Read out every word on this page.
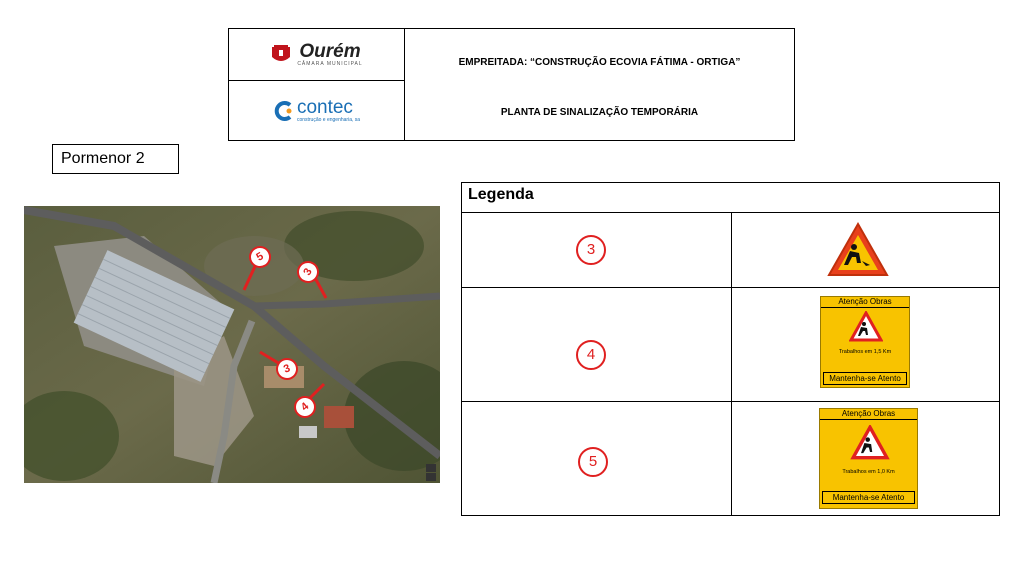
Ourém
CÂMARA MUNICIPAL
contec
construção e engenharia, sa
EMPREITADA: “CONSTRUÇÃO ECOVIA FÁTIMA - ORTIGA”
PLANTA DE SINALIZAÇÃO TEMPORÁRIA
Pormenor 2
5
3
3
4
Legenda
3
4
Atenção Obras
Trabalhos em 1,5 Km
Mantenha-se Atento
5
Atenção Obras
Trabalhos em 1,0 Km
Mantenha-se Atento
